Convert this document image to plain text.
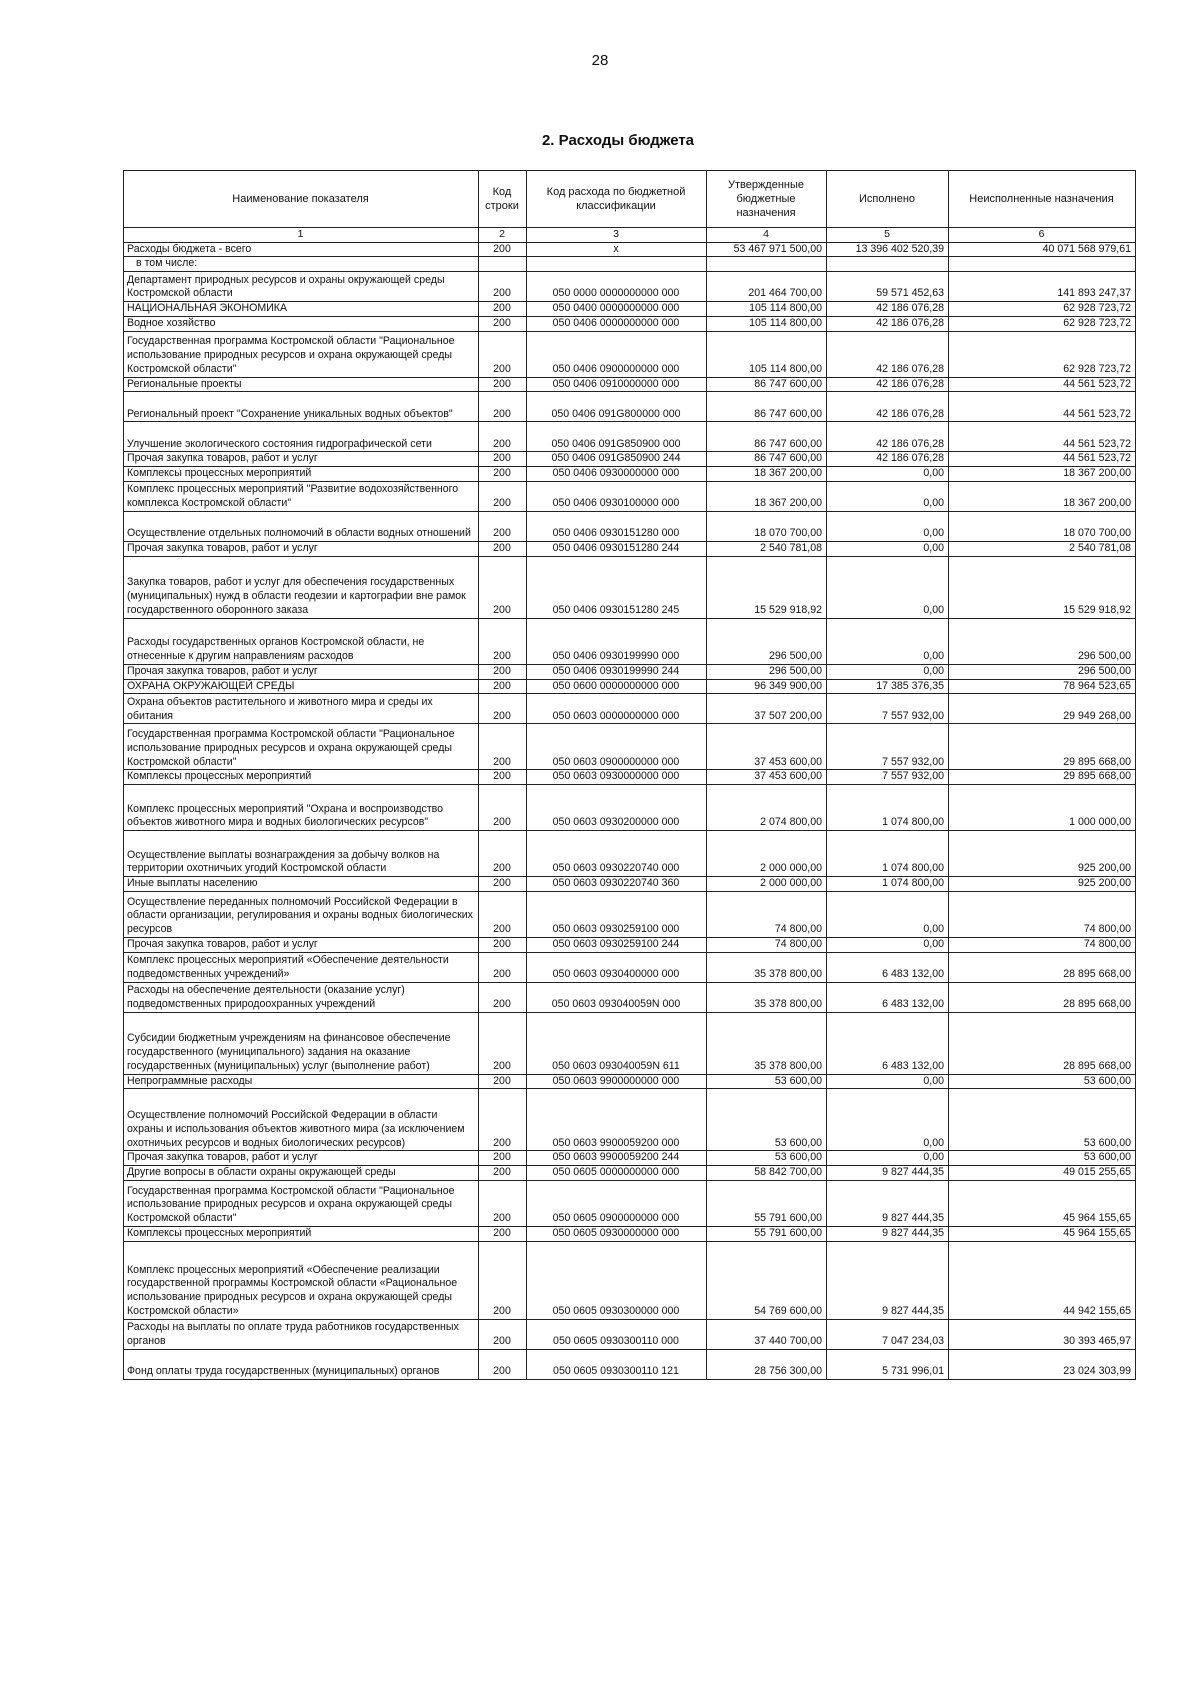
28
2. Расходы бюджета
Наименование показателя	Код строки	Код расхода по бюджетной классификации	Утвержденные бюджетные назначения	Исполнено	Неисполненные назначения
1	2	3	4	5	6
Расходы бюджета - всего	200	x	53 467 971 500,00	13 396 402 520,39	40 071 568 979,61
в том числе:					
Департамент природных ресурсов и охраны окружающей среды Костромской области	200	050 0000 0000000000 000	201 464 700,00	59 571 452,63	141 893 247,37
НАЦИОНАЛЬНАЯ ЭКОНОМИКА	200	050 0400 0000000000 000	105 114 800,00	42 186 076,28	62 928 723,72
Водное хозяйство	200	050 0406 0000000000 000	105 114 800,00	42 186 076,28	62 928 723,72
Государственная программа Костромской области "Рациональное использование природных ресурсов и охрана окружающей среды Костромской области"	200	050 0406 0900000000 000	105 114 800,00	42 186 076,28	62 928 723,72
Региональные проекты	200	050 0406 0910000000 000	86 747 600,00	42 186 076,28	44 561 523,72
Региональный проект "Сохранение уникальных водных объектов"	200	050 0406 091G800000 000	86 747 600,00	42 186 076,28	44 561 523,72
Улучшение экологического состояния гидрографической сети	200	050 0406 091G850900 000	86 747 600,00	42 186 076,28	44 561 523,72
Прочая закупка товаров, работ и услуг	200	050 0406 091G850900 244	86 747 600,00	42 186 076,28	44 561 523,72
Комплексы процессных мероприятий	200	050 0406 0930000000 000	18 367 200,00	0,00	18 367 200,00
Комплекс процессных мероприятий "Развитие водохозяйственного комплекса Костромской области"	200	050 0406 0930100000 000	18 367 200,00	0,00	18 367 200,00
Осуществление отдельных полномочий в области водных отношений	200	050 0406 0930151280 000	18 070 700,00	0,00	18 070 700,00
Прочая закупка товаров, работ и услуг	200	050 0406 0930151280 244	2 540 781,08	0,00	2 540 781,08
Закупка товаров, работ и услуг для обеспечения государственных (муниципальных) нужд в области геодезии и картографии вне рамок государственного оборонного заказа	200	050 0406 0930151280 245	15 529 918,92	0,00	15 529 918,92
Расходы государственных органов Костромской области, не отнесенные к другим направлениям расходов	200	050 0406 0930199990 000	296 500,00	0,00	296 500,00
Прочая закупка товаров, работ и услуг	200	050 0406 0930199990 244	296 500,00	0,00	296 500,00
ОХРАНА ОКРУЖАЮЩЕЙ СРЕДЫ	200	050 0600 0000000000 000	96 349 900,00	17 385 376,35	78 964 523,65
Охрана объектов растительного и животного мира и среды их обитания	200	050 0603 0000000000 000	37 507 200,00	7 557 932,00	29 949 268,00
Государственная программа Костромской области "Рациональное использование природных ресурсов и охрана окружающей среды Костромской области"	200	050 0603 0900000000 000	37 453 600,00	7 557 932,00	29 895 668,00
Комплексы процессных мероприятий	200	050 0603 0930000000 000	37 453 600,00	7 557 932,00	29 895 668,00
Комплекс процессных мероприятий "Охрана и воспроизводство объектов животного мира и водных биологических ресурсов"	200	050 0603 0930200000 000	2 074 800,00	1 074 800,00	1 000 000,00
Осуществление выплаты вознаграждения за добычу волков на территории охотничьих угодий Костромской области	200	050 0603 0930220740 000	2 000 000,00	1 074 800,00	925 200,00
Иные выплаты населению	200	050 0603 0930220740 360	2 000 000,00	1 074 800,00	925 200,00
Осуществление переданных полномочий Российской Федерации в области организации, регулирования и охраны водных биологических ресурсов	200	050 0603 0930259100 000	74 800,00	0,00	74 800,00
Прочая закупка товаров, работ и услуг	200	050 0603 0930259100 244	74 800,00	0,00	74 800,00
Комплекс процессных мероприятий «Обеспечение деятельности подведомственных учреждений»	200	050 0603 0930400000 000	35 378 800,00	6 483 132,00	28 895 668,00
Расходы на обеспечение деятельности (оказание услуг) подведомственных природоохранных учреждений	200	050 0603 093040059N 000	35 378 800,00	6 483 132,00	28 895 668,00
Субсидии бюджетным учреждениям на финансовое обеспечение государственного (муниципального) задания на оказание государственных (муниципальных) услуг (выполнение работ)	200	050 0603 093040059N 611	35 378 800,00	6 483 132,00	28 895 668,00
Непрограммные расходы	200	050 0603 9900000000 000	53 600,00	0,00	53 600,00
Осуществление полномочий Российской Федерации в области охраны и использования объектов животного мира (за исключением охотничьих ресурсов и водных биологических ресурсов)	200	050 0603 9900059200 000	53 600,00	0,00	53 600,00
Прочая закупка товаров, работ и услуг	200	050 0603 9900059200 244	53 600,00	0,00	53 600,00
Другие вопросы в области охраны окружающей среды	200	050 0605 0000000000 000	58 842 700,00	9 827 444,35	49 015 255,65
Государственная программа Костромской области "Рациональное использование природных ресурсов и охрана окружающей среды Костромской области"	200	050 0605 0900000000 000	55 791 600,00	9 827 444,35	45 964 155,65
Комплексы процессных мероприятий	200	050 0605 0930000000 000	55 791 600,00	9 827 444,35	45 964 155,65
Комплекс процессных мероприятий «Обеспечение реализации государственной программы Костромской области «Рациональное использование природных ресурсов и охрана окружающей среды Костромской области»	200	050 0605 0930300000 000	54 769 600,00	9 827 444,35	44 942 155,65
Расходы на выплаты по оплате труда работников государственных органов	200	050 0605 0930300110 000	37 440 700,00	7 047 234,03	30 393 465,97
Фонд оплаты труда государственных (муниципальных) органов	200	050 0605 0930300110 121	28 756 300,00	5 731 996,01	23 024 303,99
